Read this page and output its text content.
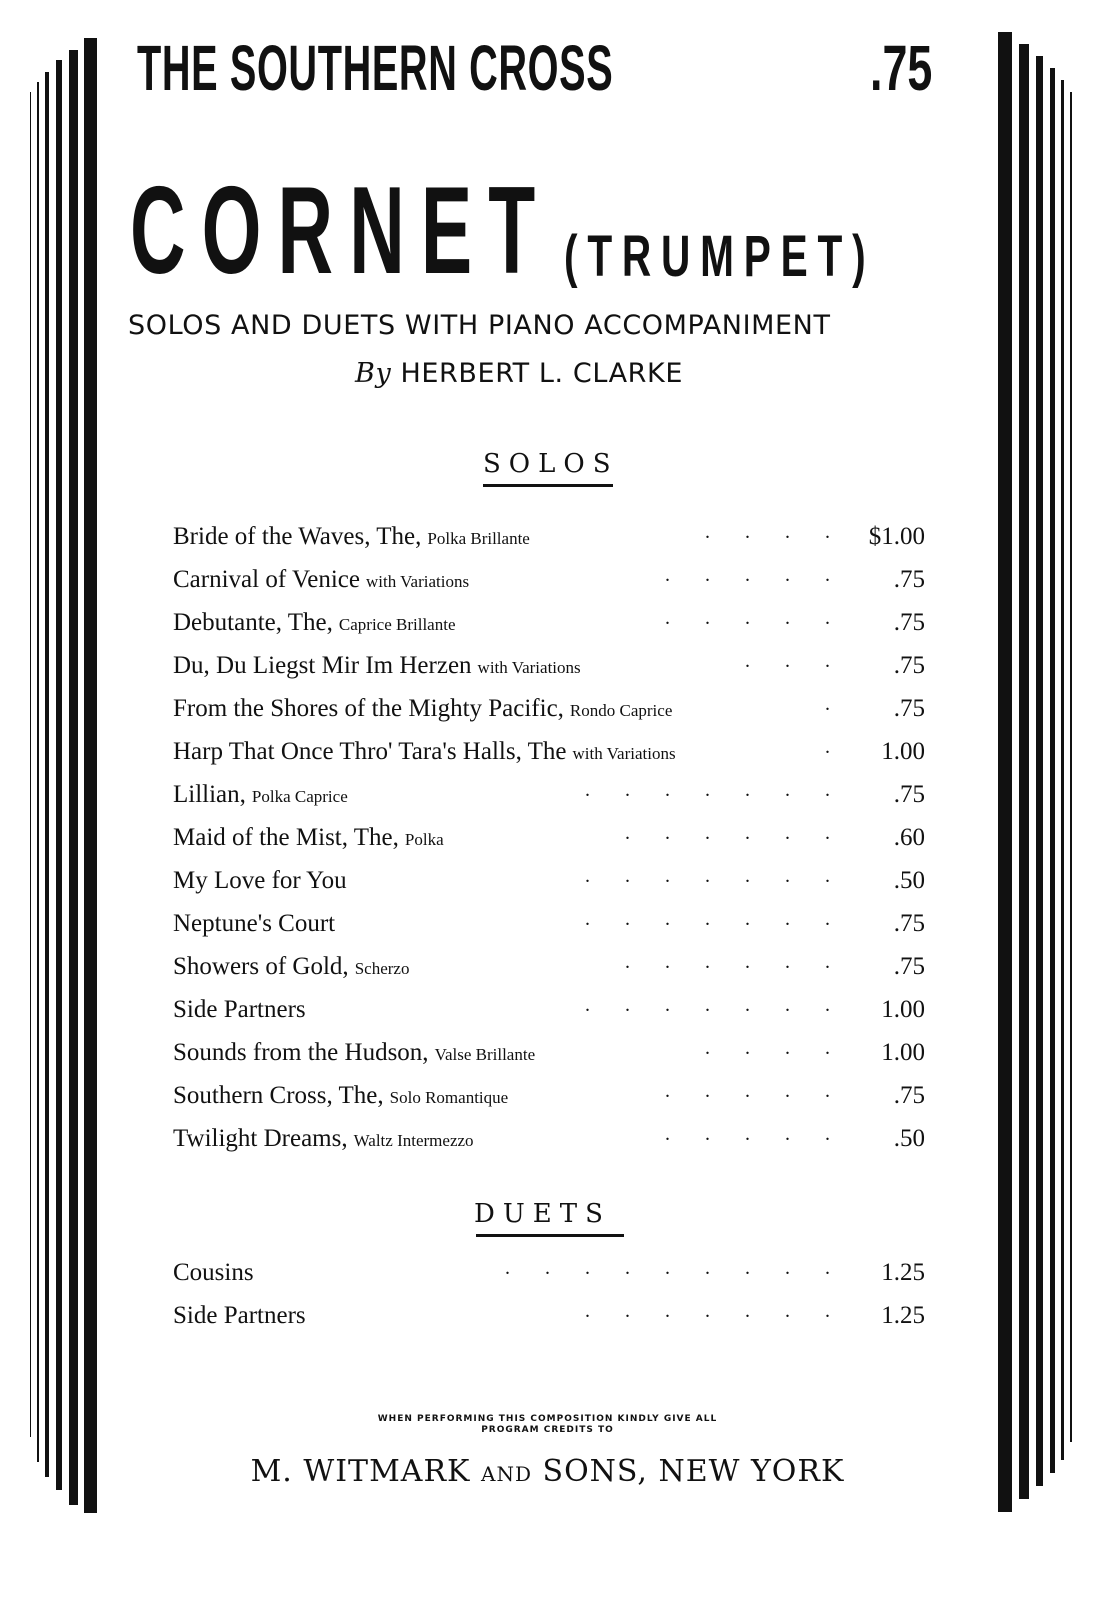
THE SOUTHERN CROSS	.75
CORNET (TRUMPET)
SOLOS AND DUETS WITH PIANO ACCOMPANIMENT
By HERBERT L. CLARKE
SOLOS
Bride of the Waves, The, Polka Brillante	. . . . $1.00
Carnival of Venice with Variations	. . . . .	.75
Debutante, The, Caprice Brillante	. . . . .	.75
Du, Du Liegst Mir Im Herzen with Variations	. . .	.75
From the Shores of the Mighty Pacific, Rondo Caprice	.	.75
Harp That Once Thro' Tara's Halls, The with Variations	. 1.00
Lillian, Polka Caprice	. . . . . . .	.75
Maid of the Mist, The, Polka	. . . . . .	.60
My Love for You	. . . . . . .	.50
Neptune's Court	. . . . . . .	.75
Showers of Gold, Scherzo	. . . . . .	.75
Side Partners	. . . . . . . 1.00
Sounds from the Hudson, Valse Brillante	. . . . 1.00
Southern Cross, The, Solo Romantique	. . . . .	.75
Twilight Dreams, Waltz Intermezzo	. . . . .	.50
DUETS
Cousins	. . . . . . . . . 1.25
Side Partners	. . . . . . . 1.25
WHEN PERFORMING THIS COMPOSITION KINDLY GIVE ALL
PROGRAM CREDITS TO
M. WITMARK AND SONS, NEW YORK
